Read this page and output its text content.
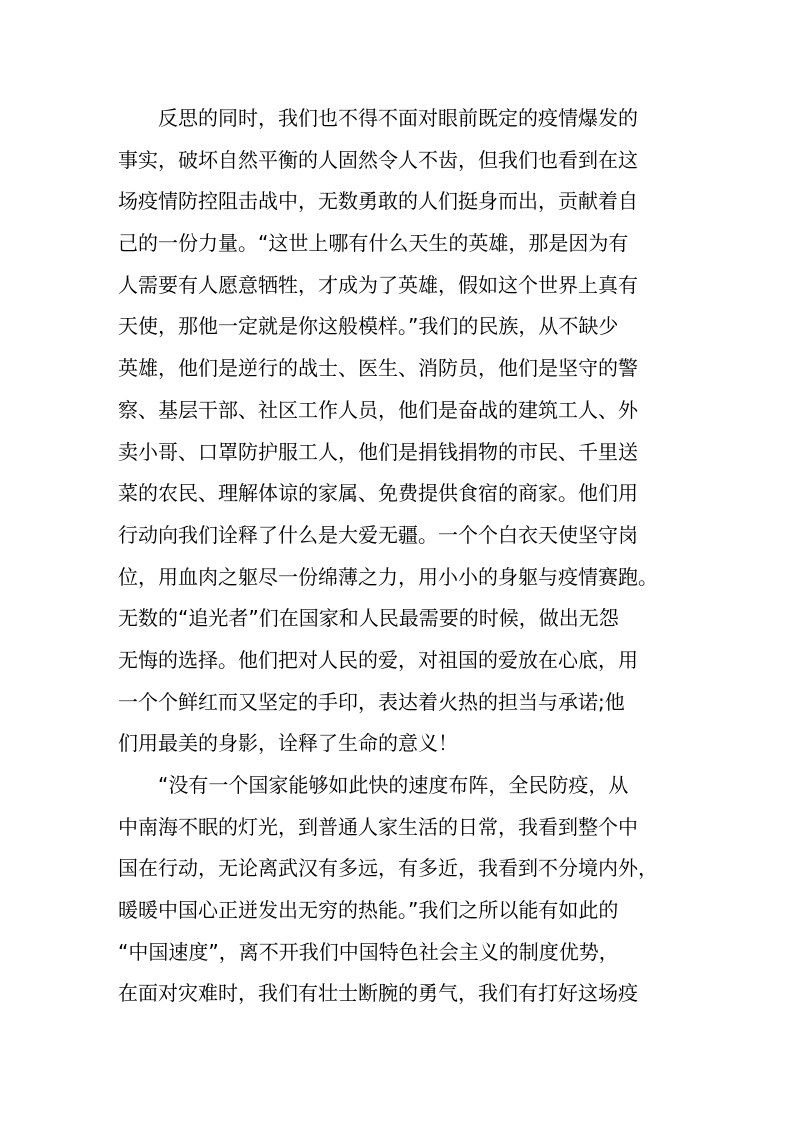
　　反思的同时，我们也不得不面对眼前既定的疫情爆发的
事实，破坏自然平衡的人固然令人不齿，但我们也看到在这
场疫情防控阻击战中，无数勇敢的人们挺身而出，贡献着自
己的一份力量。“这世上哪有什么天生的英雄，那是因为有
人需要有人愿意牺牲，才成为了英雄，假如这个世界上真有
天使，那他一定就是你这般模样。”我们的民族，从不缺少
英雄，他们是逆行的战士、医生、消防员，他们是坚守的警
察、基层干部、社区工作人员，他们是奋战的建筑工人、外
卖小哥、口罩防护服工人，他们是捐钱捐物的市民、千里送
菜的农民、理解体谅的家属、免费提供食宿的商家。他们用
行动向我们诠释了什么是大爱无疆。一个个白衣天使坚守岗
位，用血肉之躯尽一份绵薄之力，用小小的身躯与疫情赛跑。
无数的“追光者”们在国家和人民最需要的时候，做出无怨
无悔的选择。他们把对人民的爱，对祖国的爱放在心底，用
一个个鲜红而又坚定的手印，表达着火热的担当与承诺;他
们用最美的身影，诠释了生命的意义！
　　“没有一个国家能够如此快的速度布阵，全民防疫，从
中南海不眠的灯光，到普通人家生活的日常，我看到整个中
国在行动，无论离武汉有多远，有多近，我看到不分境内外，
暖暖中国心正迸发出无穷的热能。”我们之所以能有如此的
“中国速度”，离不开我们中国特色社会主义的制度优势，
在面对灾难时，我们有壮士断腕的勇气，我们有打好这场疫
